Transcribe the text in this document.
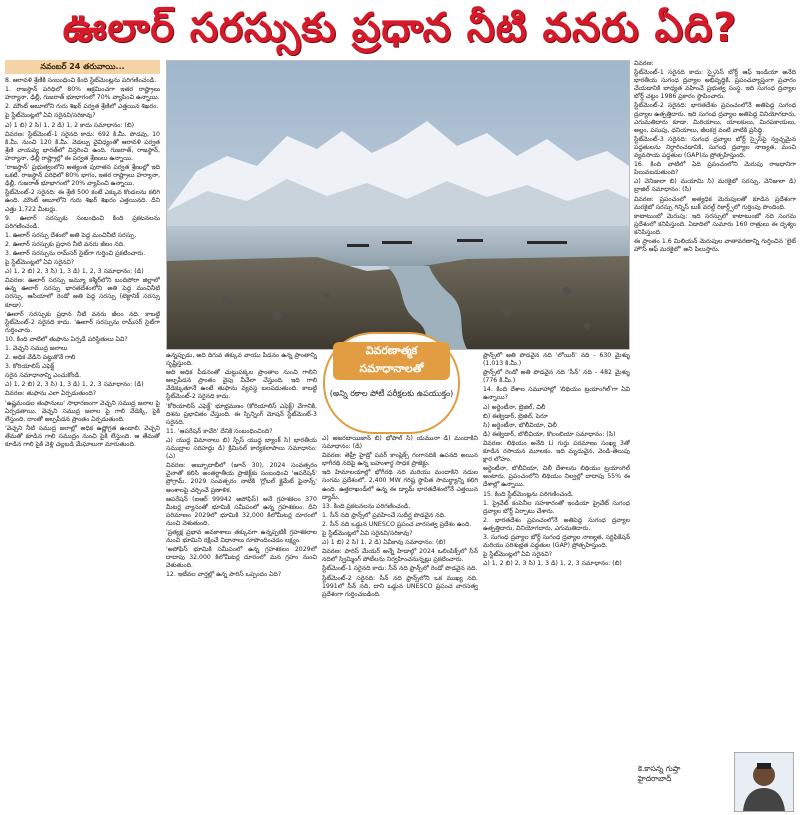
ఊలార్ సరస్సుకు ప్రధాన నీటి వనరు ఏది?
నవంబర్ 24 తరువాయి...

8. ఆరావళి శ్రేణికి సంబంధించి కింది స్టేట్‌మెంట్లను పరిగణించండి.

1. రాజస్థాన్ పరిధిలో 80% ఆక్రమించగా ఇతర రాష్ట్రాలు హర్యానా, ఢిల్లీ, గుజరాత్ భూభాగంలో 70% వ్యాపించి ఉన్నాయి.

2. మౌంట్ అబూలోని గురు శిఖర్ పర్వత శ్రేణిలో ఎత్తయిన శిఖరం.

పై స్టేట్‌మెంట్లలో ఏవి సరైనవి/సరికావు?

ఎ) 1 బి) 2 సి) 1, 2 డి) 1, 2 కాదు సమాధానం: (బి)

వివరణ: స్టేట్‌మెంట్-1 సరైనది కాదు: 692 కి.మీ. పొడవు, 10 కి.మీ. నుంచి 120 కి.మీ. వెడల్పు వైవిధ్యంతో ఆరావళి పర్వత శ్రేణి వాయవ్య భారత్‌లో విస్తరించి ఉంది. గుజరాత్, రాజస్థాన్, హర్యానా, ఢిల్లీ రాష్ట్రాల్లో ఈ పర్వత శ్రేణులు ఉన్నాయి.

'రాజస్థాన్' ప్రభుత్వంలోని అత్యంత పురాతన పర్వత శ్రేణుల్లో ఇది ఒకటి. రాజస్థాన్ పరిధిలో 80% భాగం, ఇతర రాష్ట్రాలు హర్యానా, ఢిల్లీ, గుజరాత్ భూభాగంలో 20% వ్యాపించి ఉన్నాయి.

స్టేట్‌మెంట్-2 సరైనది: ఈ శ్రేణి 500 కంటే ఎక్కువ కొండలను కలిగి ఉంది. మౌంట్ అబూలోని గురు శిఖర్ శిఖరం ఎత్తయినది. దీని ఎత్తు 1,722 మీటర్లు.

9. ఊలార్ సరస్సుకు సంబంధించి కింది ప్రకటనలను పరిగణించండి.

1. ఊలార్ సరస్సు దేశంలో అతి పెద్ద మంచినీటి సరస్సు.

2. ఊలార్ సరస్సుకు ప్రధాన నీటి వనరు జీలం నది.

3. ఊలార్ సరస్సును రామ్‌సర్ సైట్‌గా గుర్తించి ప్రకటించారు.

పై స్టేట్‌మెంట్లలో ఏవి సరైనవి?

ఎ) 1, 2 బి) 2, 3 సి) 1, 3 డి) 1, 2, 3 సమాధానం: (డి)

వివరణ: ఊలార్ సరస్సు జమ్మూ కశ్మీర్‌లోని బందిపోరా జిల్లాలో ఉన్న ఊలార్ సరస్సు భారతదేశంలోని అతి పెద్ద మంచినీటి సరస్సు. ఆసియాలో రెండో అతి పెద్ద సరస్సు (టెక్టానిక్ సరస్సు కూడా).

'ఊలార్ సరస్సుకు ప్రధాన నీటి వనరు జీలం నది. కాబట్టి స్టేట్‌మెంట్-2 సరైనది కాదు. 'ఊలార్ సరస్సును రామ్‌సర్ సైట్‌గా గుర్తించారు.

10. కింది వాటిలో తుఫాను ఏర్పడే పరిస్థితులు ఏవి?

1. వెచ్చని సముద్ర జలాలు

2. అధిక వేడిని పట్టుకొనే గాలి

3. కోరియాలిస్ ఎఫెక్ట్

సరైన సమాధానాన్ని ఎంచుకోండి.

ఎ) 1, 2 బి) 2, 3 సి) 1, 3 డి) 1, 2, 3 సమాధానం: (డి)

వివరణ: తుఫాను ఎలా ఏర్పడుతుంది?

'ఉష్ణమండల తుఫానులు' సాధారణంగా వెచ్చని సముద్ర జలాల పై ఏర్పడతాయి. వెచ్చని సముద్ర జలాల పై గాలి వేడెక్కి, పైకి లేస్తుంది. దాంతో అల్పపీడన ప్రాంతం ఏర్పడుతుంది.

'వెచ్చని నీటి సముద్ర జలాల్లో అధిక ఉష్ణోగ్రత ఉండాలి. వెచ్చని తేమతో కూడిన గాలి సముద్రం నుంచి పైకి లేస్తుంది. ఆ తేమతో కూడిన గాలి పైకి వెళ్లి చల్లబడి మేఘాలుగా మారుతుంది.

వివరణాత్మక సమాధానాలతో
(అన్ని రకాల పోటీ పరీక్షలకు ఉపయుక్తం)

ఉన్నప్పుడు, అది దిగువ తక్కువ వాయు పీడనం ఉన్న ప్రాంతాన్ని సృష్టిస్తుంది.

అది అధిక పీడనంతో చుట్టుపక్కల ప్రాంతాల నుంచి గాలిని అల్పపీడన ప్రాంతం వైపు వీచేలా చేస్తుంది. ఇది గాలి వేడెక్కుతూనే ఉంటే తుఫాను వ్యవస్థ బలపడుతుంది. కాబట్టి స్టేట్‌మెంట్-2 సరైనది కాదు.

'కోరియాలిస్ ఎఫెక్ట్' భూభ్రమణం (కోరియాలిస్ ఎఫెక్ట్) వేగానికి, దిశను ప్రభావితం చేస్తుంది. ఈ స్పిన్నింగ్ మోషన్ స్టేట్‌మెంట్-3 సరైనది.

11. 'ఆపరేషన్ కావేరి' దేనికి సంబంధించింది?

ఎ) యుద్ధ విమానాలు బి) స్పేస్ యుద్ధ బ్యాంక్ సి) భారతీయ సముద్రాల సరిహద్దు డి) క్రిమినల్ కార్యకలాపాలు సమాధానం: (ఎ)

వివరణ: అబ్బూదాబీలో (జూన్ 30), 2024 సంవత్సరం చైనాతో కలిసి అంతర్జాతీయ ప్రాజెక్ట్‌కు సంబంధించి 'ఆపరేషన్' ప్రోగ్రామ్. 2029 సంవత్సరం నాటికి 'గ్లోబల్ క్లైమేట్ ఫైనాన్స్' అంశాలపై చర్చించే ప్రణాళిక.

ఆపరేషన్ (ఐఆర్ 99942 అపోఫిస్) అనే గ్రహశకలం 370 మీటర్ల వ్యాసంతో భూమికి సమీపంలో ఉన్న గ్రహశకలం. దీని పరిమాణం 2029లో భూమికి 32,000 కిలోమీటర్ల దూరంలో నుంచి వెళుతుంది.

'ప్రత్యక్ష ప్రభావ అవకాశాలు తక్కువగా ఉన్నప్పటికీ గ్రహశకలాల నుంచి భూమిని రక్షించే విధానాలు రూపొందించడం లక్ష్యం.

'అపోఫిస్ భూమికి సమీపంలో ఉన్న గ్రహశకలం 2029లో దాదాపు 32,000 కిలోమీటర్ల దూరంలో మన గ్రహం నుంచి వెళుతుంది.

12. ఇటీవల వార్తల్లో ఉన్న పారిస్ ఒప్పందం ఏది?

ఎ) అజరబాయిజాన్ బి) భోపాల్ సి) యమునా డి) మందాకిని సమాధానం: (డి)

వివరణ: తెహ్రీ హైడ్రో పవర్ కాంప్లెక్స్ గంగానదికి ఉపనది అయిన భాగీరథి నదిపై ఉన్న బహుళార్థ సాధక ప్రాజెక్టు.

ఇది హిమాలయాల్లో భోగీరథి నది మరియు మందాకిని నదుల సంగమ ప్రదేశంలో, 2,400 MW గరిష్ట స్థాపిత సామర్థ్యాన్ని కలిగి ఉంది. ఉత్తరాఖండ్‌లో ఉన్న ఈ డ్యామ్ భారతదేశంలోనే ఎత్తయిన డ్యామ్.

13. కింది ప్రకటనలను పరిగణించండి.

1. సీన్ నది ఫ్రాన్స్‌లో ప్రవహించే సుదీర్ఘ పొడవైన నది.

2. సీన్ నది ఒడ్డున UNESCO ప్రపంచ వారసత్వ ప్రదేశం ఉంది.

పై స్టేట్‌మెంట్లలో ఏవి సరైనవి/సరికావు?

ఎ) 1 బి) 2 సి) 1, 2 డి) ఏవీకావు సమాధానం: (బి)

వివరణ: పారిస్ మేయర్ అన్నే హిడాల్గో 2024 ఒలింపిక్స్‌లో సీన్ నదిలో స్విమ్మింగ్ పోటీలను నిర్వహించనున్నట్లు ప్రకటించారు.

స్టేట్‌మెంట్-1 సరైనది కాదు: సీన్ నది ఫ్రాన్స్‌లో రెండో పొడవైన నది.

స్టేట్‌మెంట్-2 సరైనది: సీన్ నది ఫ్రాన్స్‌లోని ఒక ముఖ్య నది. 1991లో సీన్ నది, దాని ఒడ్డున UNESCO ప్రపంచ వారసత్వ ప్రదేశంగా గుర్తించబడింది.

ఫ్రాన్స్‌లో అతి పొడవైన నది 'లోయిర్' నది - 630 మైళ్ళు (1,013 కి.మీ.)

ఫ్రాన్స్‌లో రెండో అతి పొడవైన నది 'సీన్' నది - 482 మైళ్ళు (776 కి.మీ.)

14. కింది దేశాల సమూహాల్లో 'లిథియం ట్రయాంగిల్'గా ఏవి ఉన్నాయి?

ఎ) అర్జెంటీనా, బ్రెజిల్, చిలీ

బి) ఈక్వెడార్, బ్రెజిల్, పెరూ

సి) అర్జెంటీనా, బొలీవియా, చిలీ

డి) ఈక్వెడార్, బొలీవియా, కొలంబియా సమాధానం: (సి)

వివరణ: లిథియం అనేది Li గుర్తు పరమాణు సంఖ్య 3తో కూడిన రసాయన మూలకం. ఇది మృదువైన, వెండి-తెలుపు క్షార లోహం.

అర్జెంటీనా, బొలీవియా, చిలీ దేశాలను లిథియం ట్రయాంగిల్ అంటారు. ప్రపంచంలోని లిథియం నిల్వల్లో దాదాపు 55% ఈ దేశాల్లో ఉన్నాయి.

15. కింది స్టేట్‌మెంట్లను పరిగణించండి.

1. ప్రైవేట్ కంపెనీల సహకారంతో ఇండియా ప్రైవేట్ సుగంధ ద్రవ్యాల బోర్డ్ ఏర్పాటు చేశారు.

2. భారతదేశం ప్రపంచంలోనే అతిపెద్ద సుగంధ ద్రవ్యాల ఉత్పత్తిదారు, వినియోగదారు, ఎగుమతిదారు.

3. సుగంధ ద్రవ్యాల బోర్డ్ సుగంధ ద్రవ్యాల నాణ్యత, సర్టిఫికేషన్ మరియు పరిశుభ్రత పద్ధతుల (GAP) ప్రోత్సహిస్తుంది.

పై స్టేట్‌మెంట్లలో ఏవి సరైనవి?

ఎ) 1, 2 బి) 2, 3 సి) 1, 3 డి) 1, 2, 3 సమాధానం: (బి)

వివరణ:

స్టేట్‌మెంట్-1 సరైనది కాదు: స్పైసెస్ బోర్డ్ ఆఫ్ ఇండియా అనేది భారతీయ సుగంధ ద్రవ్యాల అభివృద్ధికి, ప్రపంచవ్యాప్తంగా ప్రచారం చేయడానికి బాధ్యత వహించే ప్రభుత్వ సంస్థ. ఇది సుగంధ ద్రవ్యాల బోర్డ్ చట్టం 1986 ప్రకారం స్థాపించారు.

స్టేట్‌మెంట్-2 సరైనది: భారతదేశం ప్రపంచంలోనే అతిపెద్ద సుగంధ ద్రవ్యాల ఉత్పత్తిదారు. ఇది సుగంధ ద్రవ్యాల అతిపెద్ద వినియోగదారు, ఎగుమతిదారు కూడా. మిరియాలు, యాలకులు, మిరపకాయలు, అల్లం, పసుపు, ధనియాలు, జీలకర్ర వంటి వాటికి ప్రసిద్ధి.

స్టేట్‌మెంట్-3 సరైనది: సుగంధ ద్రవ్యాల బోర్డ్ స్పైస్‌పై స్వచ్ఛమైన పద్ధతులను నిర్ధారించడానికి, సుగంధ ద్రవ్యాల నాణ్యత, మంచి వ్యవసాయ పద్ధతుల (GAP)ను ప్రోత్సహిస్తుంది.

16. కింది వాటిలో ఏది ప్రపంచంలోని మెరుపు రాజధానిగా పిలువబడుతుంది?

ఎ) వెనిజులా బి) మయామి సి) మరకైబో సరస్సు, వెనిజులా డి) బ్రాజిల్ సమాధానం: (సి)

వివరణ: ప్రపంచంలో అత్యధిక మెరుపులతో కూడిన ప్రదేశంగా మరకైబో సరస్సు గిన్నిస్ బుక్ వరల్డ్ రికార్డ్స్‌లో గుర్తింపు పొందింది.

కాటాటుంబో మెరుపు: ఇది సరస్సులో కాటాటుంబో నది సంగమ ప్రదేశంలో కనిపిస్తుంది. ఏడాదిలో సుమారు 160 రాత్రులు ఈ దృశ్యం కనిపిస్తుంది.

ఈ ప్రాంతం 1.6 మిలియన్ మెరుపుల వాతావరణాన్ని గుర్తించిన 'లైట్ హౌస్ ఆఫ్ మరకైబో' అని పిలుస్తారు.

కె.కాసన్న గుప్తా
హైదరాబాద్
